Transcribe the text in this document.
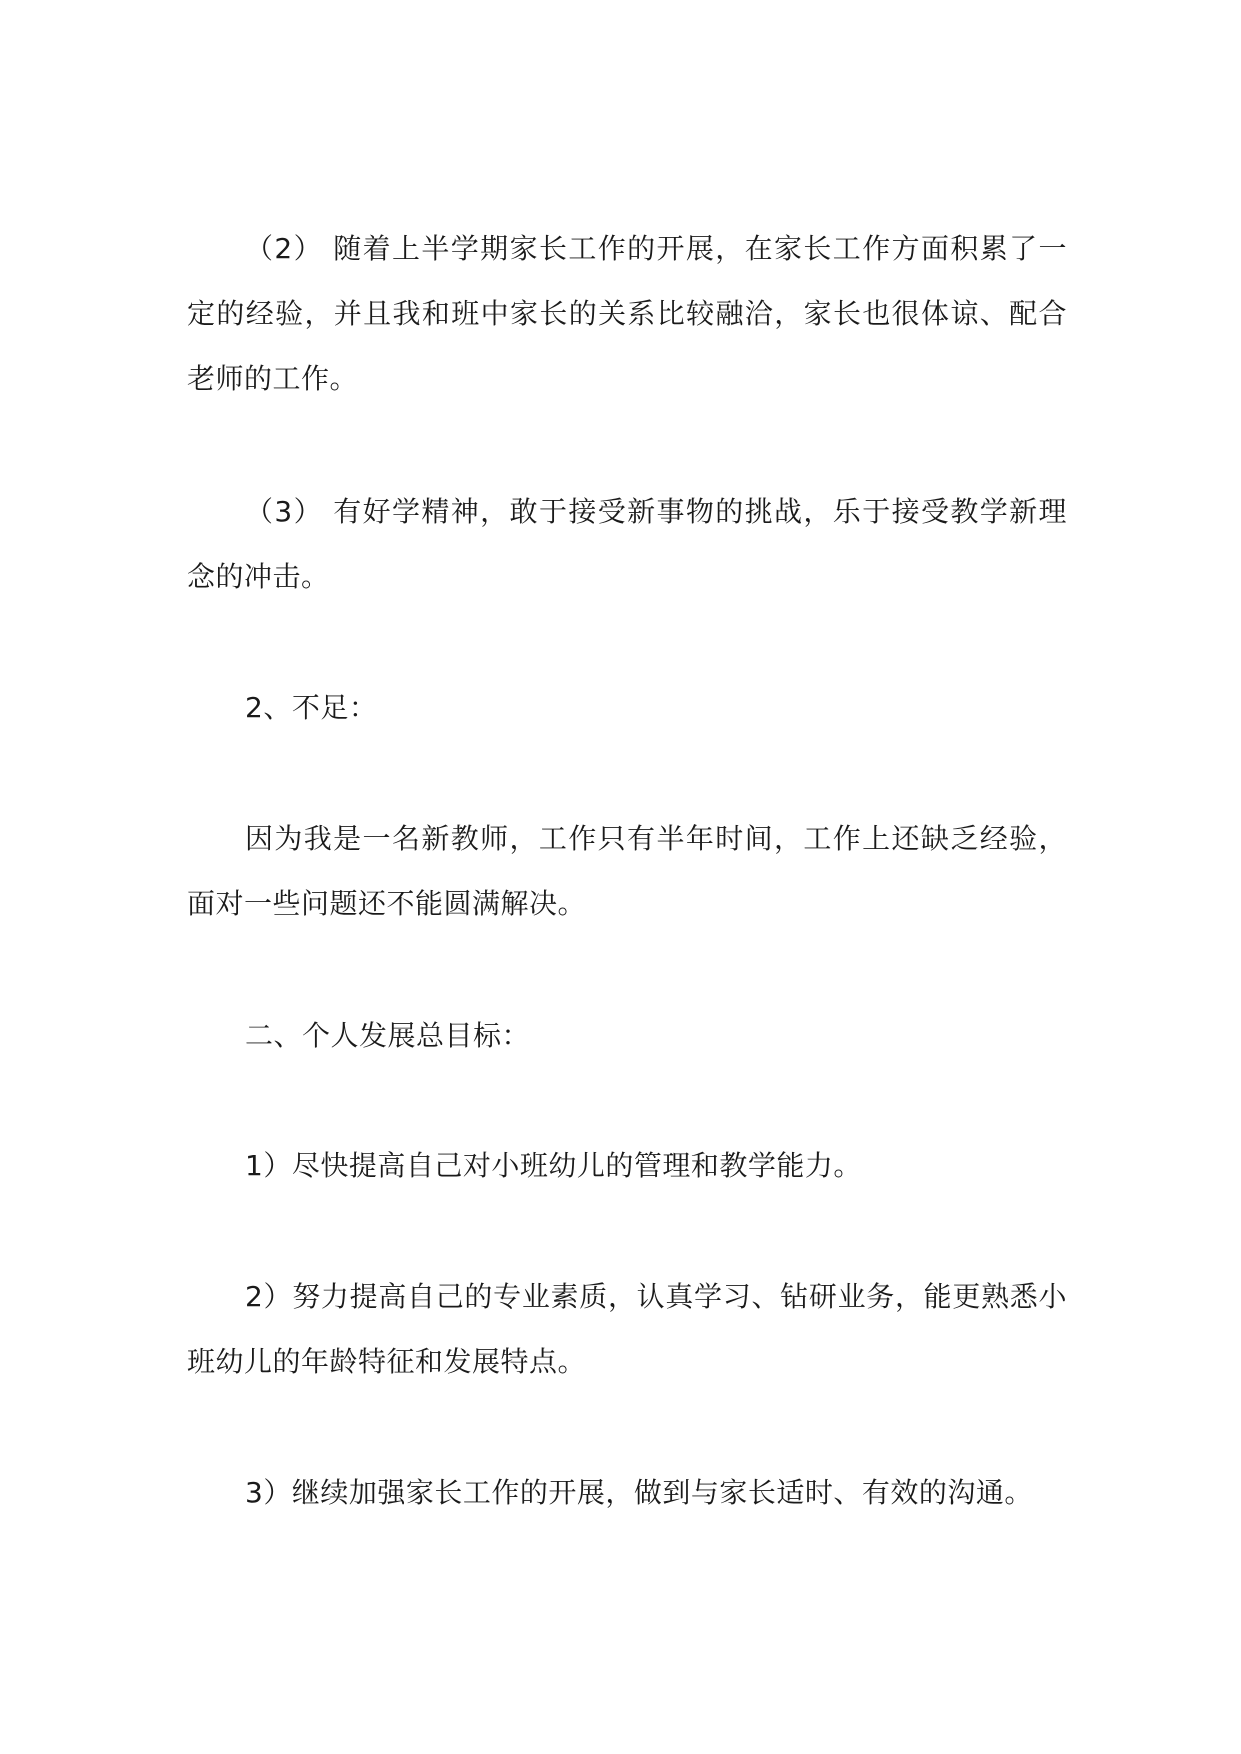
（2） 随着上半学期家长工作的开展，在家长工作方面积累了一定的经验，并且我和班中家长的关系比较融洽，家长也很体谅、配合老师的工作。

（3） 有好学精神，敢于接受新事物的挑战，乐于接受教学新理念的冲击。

2、不足：

因为我是一名新教师，工作只有半年时间，工作上还缺乏经验，面对一些问题还不能圆满解决。

二、个人发展总目标：

1）尽快提高自己对小班幼儿的管理和教学能力。

2）努力提高自己的专业素质，认真学习、钻研业务，能更熟悉小班幼儿的年龄特征和发展特点。

3）继续加强家长工作的开展，做到与家长适时、有效的沟通。
